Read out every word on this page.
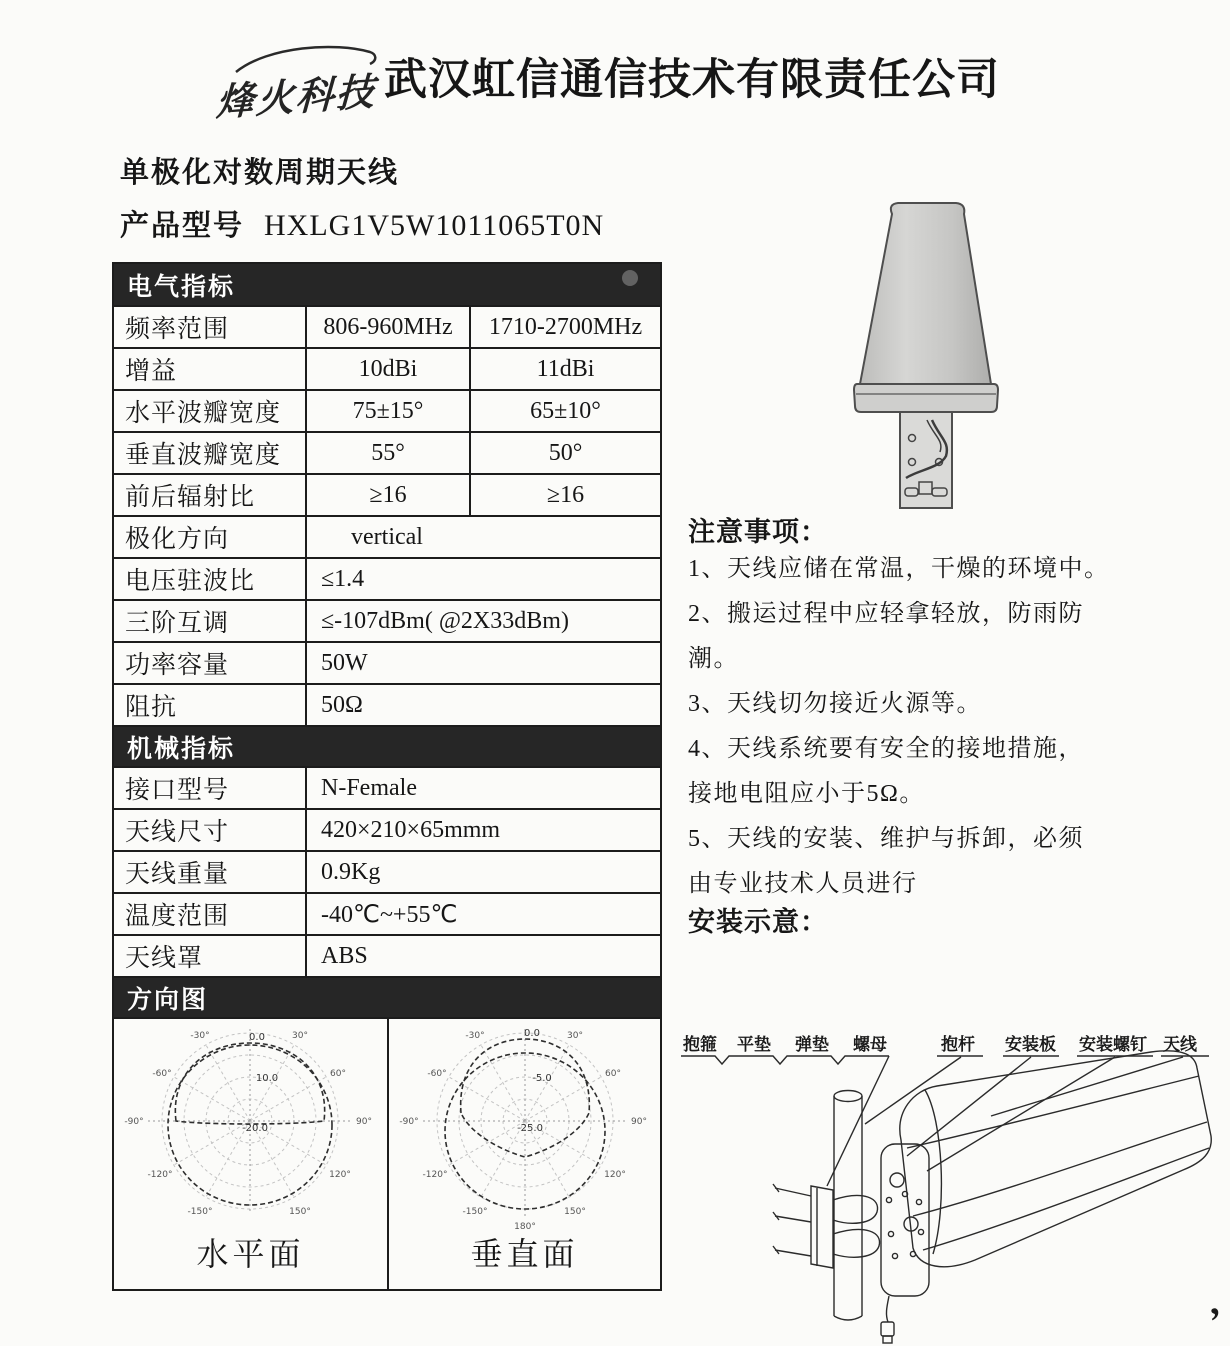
烽火科技 武汉虹信通信技术有限责任公司
单极化对数周期天线
产品型号 HXLG1V5W1011065T0N
电气指标
频率范围	806-960MHz	1710-2700MHz
增益	10dBi	11dBi
水平波瓣宽度	75±15°	65±10°
垂直波瓣宽度	55°	50°
前后辐射比	≥16	≥16
极化方向	vertical
电压驻波比	≤1.4
三阶互调	≤-107dBm( @2X33dBm)
功率容量	50W
阻抗	50Ω
机械指标
接口型号	N-Female
天线尺寸	420×210×65mmm
天线重量	0.9Kg
温度范围	-40℃~+55℃
天线罩	ABS
方向图
-30°	30°
-60°	60°
-90°	90°
-120°	120°
-150°	150°
0.0
10.0
-20.0
水平面
-30°	30°
-60°	60°
-90°	90°
-120°	120°
-150°	150°
180°
0.0
-5.0
-25.0
垂直面
注意事项：
1、天线应储在常温，干燥的环境中。
2、搬运过程中应轻拿轻放，防雨防
潮。
3、天线切勿接近火源等。
4、天线系统要有安全的接地措施，
接地电阻应小于5Ω。
5、天线的安装、维护与拆卸，必须
由专业技术人员进行
安装示意：
抱箍 平垫 弹垫 螺母	抱杆 安装板 安装螺钉 天线
,
